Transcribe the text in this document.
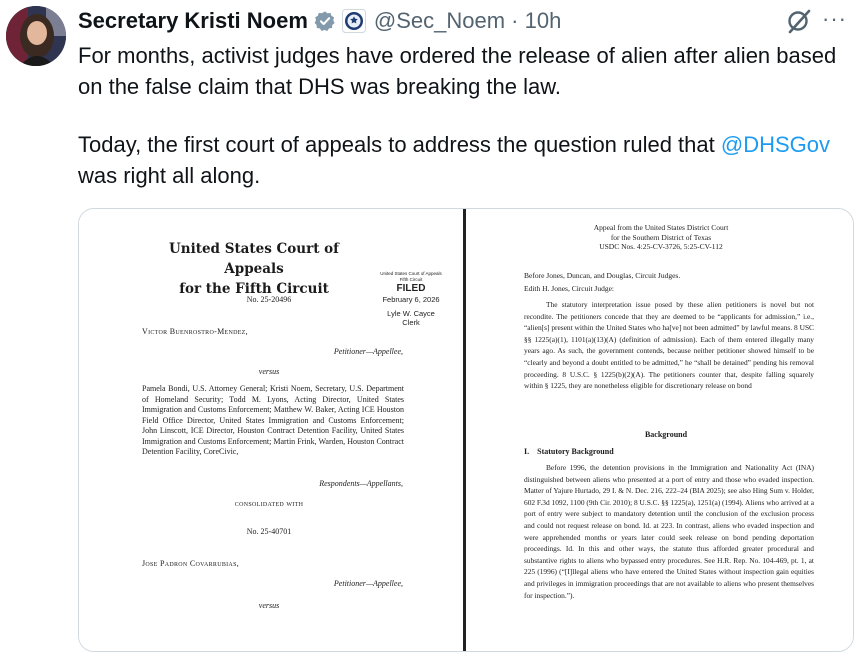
Secretary Kristi Noem	@Sec_Noem · 10h	···

For months, activist judges have ordered the release of alien after alien based on the false claim that DHS was breaking the law.

Today, the first court of appeals to address the question ruled that @DHSGov was right all along.

United States Court of Appeals
for the Fifth Circuit
United States Court of Appeals
Fifth Circuit
FILED
February 6, 2026
Lyle W. Cayce
Clerk
No. 25-20496
Victor Buenrostro-Mendez,
Petitioner—Appellee,
versus
Pamela Bondi, U.S. Attorney General; Kristi Noem, Secretary, U.S. Department of Homeland Security; Todd M. Lyons, Acting Director, United States Immigration and Customs Enforcement; Matthew W. Baker, Acting ICE Houston Field Office Director, United States Immigration and Customs Enforcement; John Linscott, ICE Director, Houston Contract Detention Facility, United States Immigration and Customs Enforcement; Martin Frink, Warden, Houston Contract Detention Facility, CoreCivic,
Respondents—Appellants,
consolidated with
No. 25-40701
Jose Padron Covarrubias,
Petitioner—Appellee,
versus
Appeal from the United States District Court
for the Southern District of Texas
USDC Nos. 4:25-CV-3726, 5:25-CV-112
Before Jones, Duncan, and Douglas, Circuit Judges.
Edith H. Jones, Circuit Judge:
The statutory interpretation issue posed by these alien petitioners is novel but not recondite. The petitioners concede that they are deemed to be “applicants for admission,” i.e., “alien[s] present within the United States who ha[ve] not been admitted” by lawful means. 8 USC §§ 1225(a)(1), 1101(a)(13)(A) (definition of admission). Each of them entered illegally many years ago. As such, the government contends, because neither petitioner showed himself to be “clearly and beyond a doubt entitled to be admitted,” he “shall be detained” pending his removal proceeding. 8 U.S.C. § 1225(b)(2)(A). The petitioners counter that, despite falling squarely within § 1225, they are nonetheless eligible for discretionary release on bond
Background
I.    Statutory Background
Before 1996, the detention provisions in the Immigration and Nationality Act (INA) distinguished between aliens who presented at a port of entry and those who evaded inspection. Matter of Yajure Hurtado, 29 I. & N. Dec. 216, 222–24 (BIA 2025); see also Hing Sum v. Holder, 602 F.3d 1092, 1100 (9th Cir. 2010); 8 U.S.C. §§ 1225(a), 1251(a) (1994). Aliens who arrived at a port of entry were subject to mandatory detention until the conclusion of the exclusion process and could not request release on bond. Id. at 223. In contrast, aliens who evaded inspection and were apprehended months or years later could seek release on bond pending deportation proceedings. Id. In this and other ways, the statute thus afforded greater procedural and substantive rights to aliens who bypassed entry procedures. See H.R. Rep. No. 104-469, pt. 1, at 225 (1996) (“[I]llegal aliens who have entered the United States without inspection gain equities and privileges in immigration proceedings that are not available to aliens who present themselves for inspection.”).
